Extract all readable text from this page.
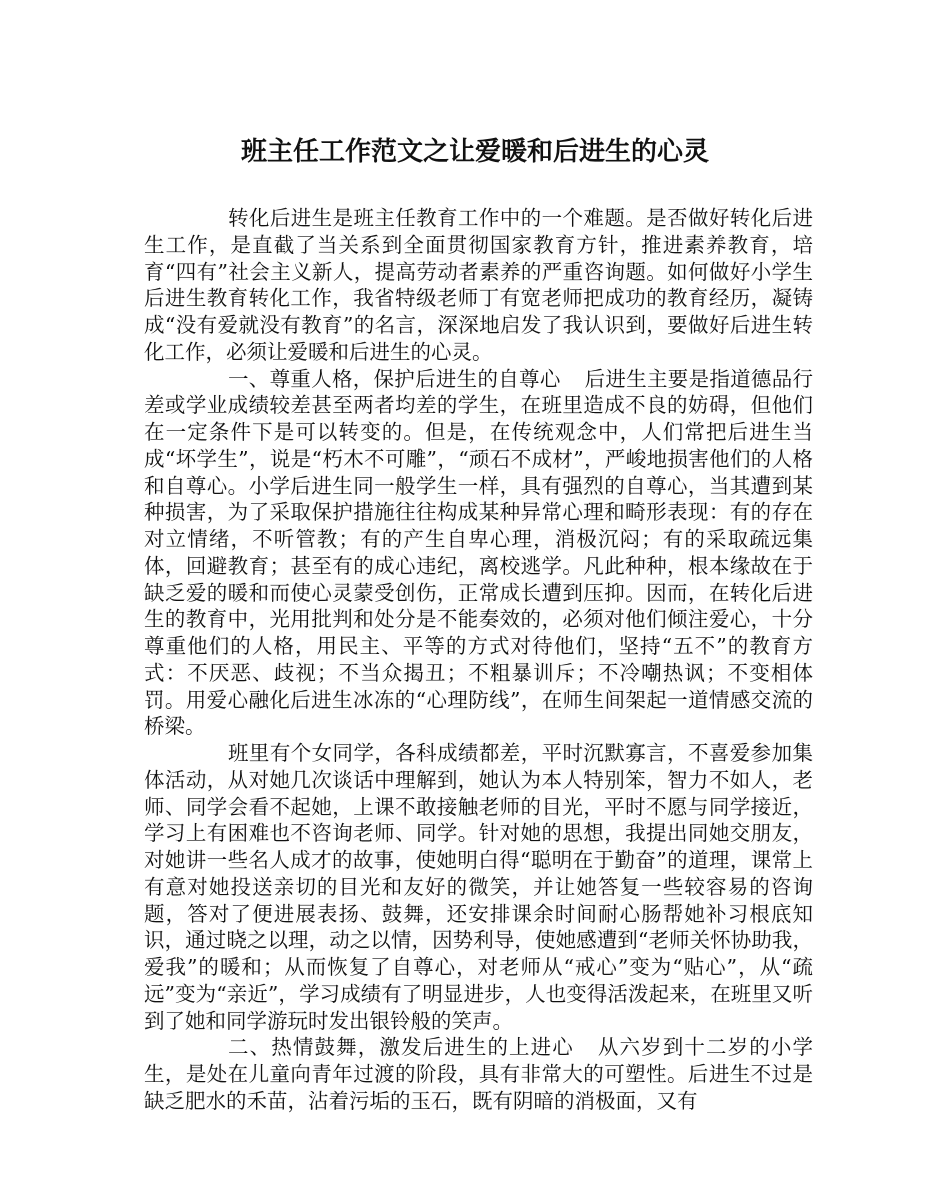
班主任工作范文之让爱暖和后进生的心灵

转化后进生是班主任教育工作中的一个难题。是否做好转化后进生工作，是直截了当关系到全面贯彻国家教育方针，推进素养教育，培育“四有”社会主义新人，提高劳动者素养的严重咨询题。如何做好小学生后进生教育转化工作，我省特级老师丁有宽老师把成功的教育经历，凝铸成“没有爱就没有教育”的名言，深深地启发了我认识到，要做好后进生转化工作，必须让爱暖和后进生的心灵。

一、尊重人格，保护后进生的自尊心 后进生主要是指道德品行差或学业成绩较差甚至两者均差的学生，在班里造成不良的妨碍，但他们在一定条件下是可以转变的。但是，在传统观念中，人们常把后进生当成“坏学生”，说是“朽木不可雕”，“顽石不成材”，严峻地损害他们的人格和自尊心。小学后进生同一般学生一样，具有强烈的自尊心，当其遭到某种损害，为了采取保护措施往往构成某种异常心理和畸形表现：有的存在对立情绪，不听管教；有的产生自卑心理，消极沉闷；有的采取疏远集体，回避教育；甚至有的成心违纪，离校逃学。凡此种种，根本缘故在于缺乏爱的暖和而使心灵蒙受创伤，正常成长遭到压抑。因而，在转化后进生的教育中，光用批判和处分是不能奏效的，必须对他们倾注爱心，十分尊重他们的人格，用民主、平等的方式对待他们，坚持“五不”的教育方式：不厌恶、歧视；不当众揭丑；不粗暴训斥；不冷嘲热讽；不变相体罚。用爱心融化后进生冰冻的“心理防线”，在师生间架起一道情感交流的桥梁。

班里有个女同学，各科成绩都差，平时沉默寡言，不喜爱参加集体活动，从对她几次谈话中理解到，她认为本人特别笨，智力不如人，老师、同学会看不起她，上课不敢接触老师的目光，平时不愿与同学接近，学习上有困难也不咨询老师、同学。针对她的思想，我提出同她交朋友，对她讲一些名人成才的故事，使她明白得“聪明在于勤奋”的道理，课常上有意对她投送亲切的目光和友好的微笑，并让她答复一些较容易的咨询题，答对了便进展表扬、鼓舞，还安排课余时间耐心肠帮她补习根底知识，通过晓之以理，动之以情，因势利导，使她感遭到“老师关怀协助我，爱我”的暖和；从而恢复了自尊心，对老师从“戒心”变为“贴心”，从“疏远”变为“亲近”，学习成绩有了明显进步，人也变得活泼起来，在班里又听到了她和同学游玩时发出银铃般的笑声。

二、热情鼓舞，激发后进生的上进心 从六岁到十二岁的小学生，是处在儿童向青年过渡的阶段，具有非常大的可塑性。后进生不过是缺乏肥水的禾苗，沾着污垢的玉石，既有阴暗的消极面，又有
